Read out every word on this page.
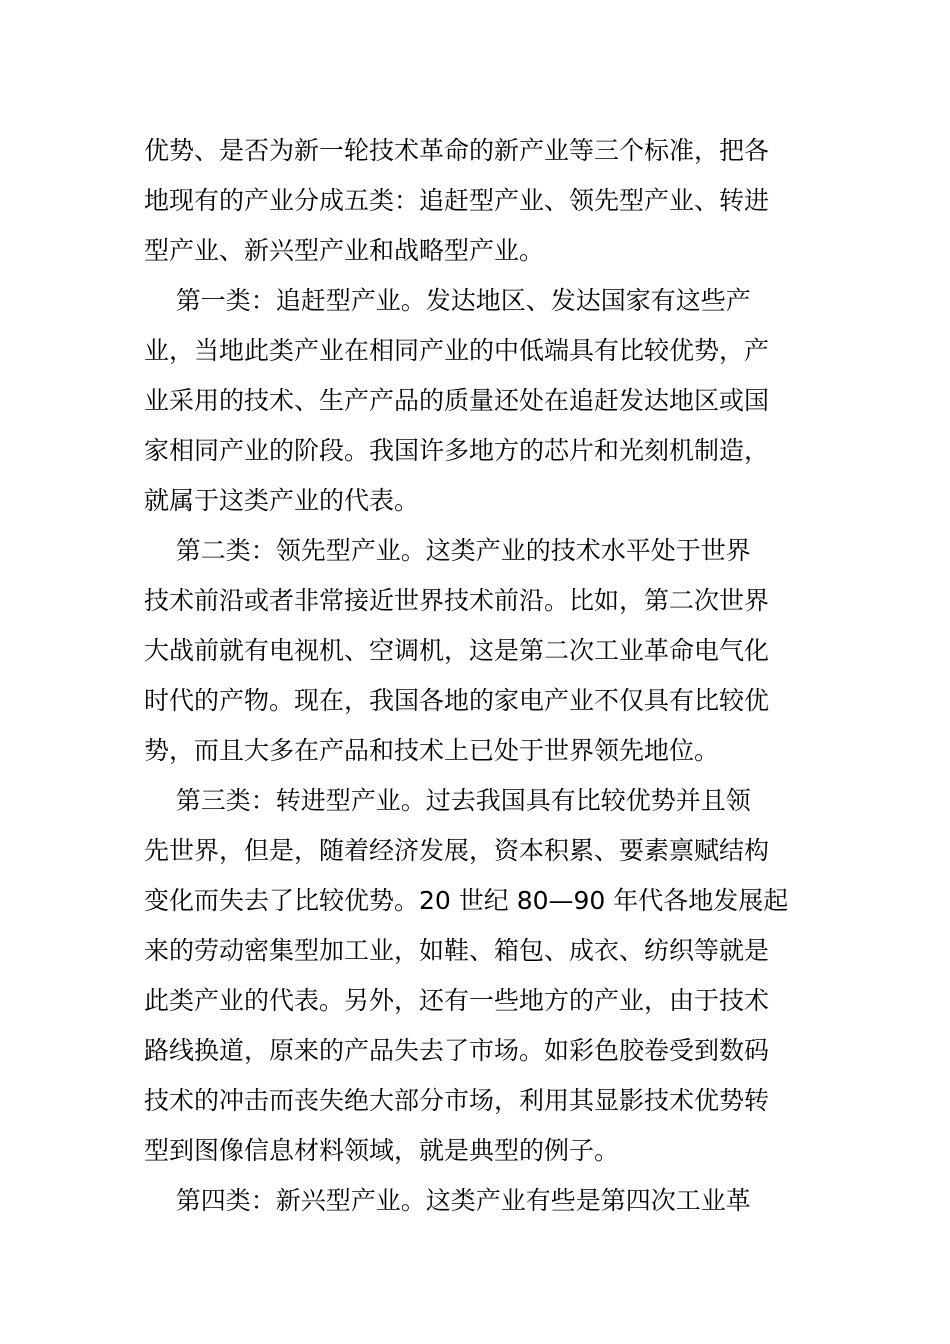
优势、是否为新一轮技术革命的新产业等三个标准，把各
地现有的产业分成五类：追赶型产业、领先型产业、转进
型产业、新兴型产业和战略型产业。
第一类：追赶型产业。发达地区、发达国家有这些产
业，当地此类产业在相同产业的中低端具有比较优势，产
业采用的技术、生产产品的质量还处在追赶发达地区或国
家相同产业的阶段。我国许多地方的芯片和光刻机制造，
就属于这类产业的代表。
第二类：领先型产业。这类产业的技术水平处于世界
技术前沿或者非常接近世界技术前沿。比如，第二次世界
大战前就有电视机、空调机，这是第二次工业革命电气化
时代的产物。现在，我国各地的家电产业不仅具有比较优
势，而且大多在产品和技术上已处于世界领先地位。
第三类：转进型产业。过去我国具有比较优势并且领
先世界，但是，随着经济发展，资本积累、要素禀赋结构
变化而失去了比较优势。20 世纪 80—90 年代各地发展起
来的劳动密集型加工业，如鞋、箱包、成衣、纺织等就是
此类产业的代表。另外，还有一些地方的产业，由于技术
路线换道，原来的产品失去了市场。如彩色胶卷受到数码
技术的冲击而丧失绝大部分市场，利用其显影技术优势转
型到图像信息材料领域，就是典型的例子。
第四类：新兴型产业。这类产业有些是第四次工业革
